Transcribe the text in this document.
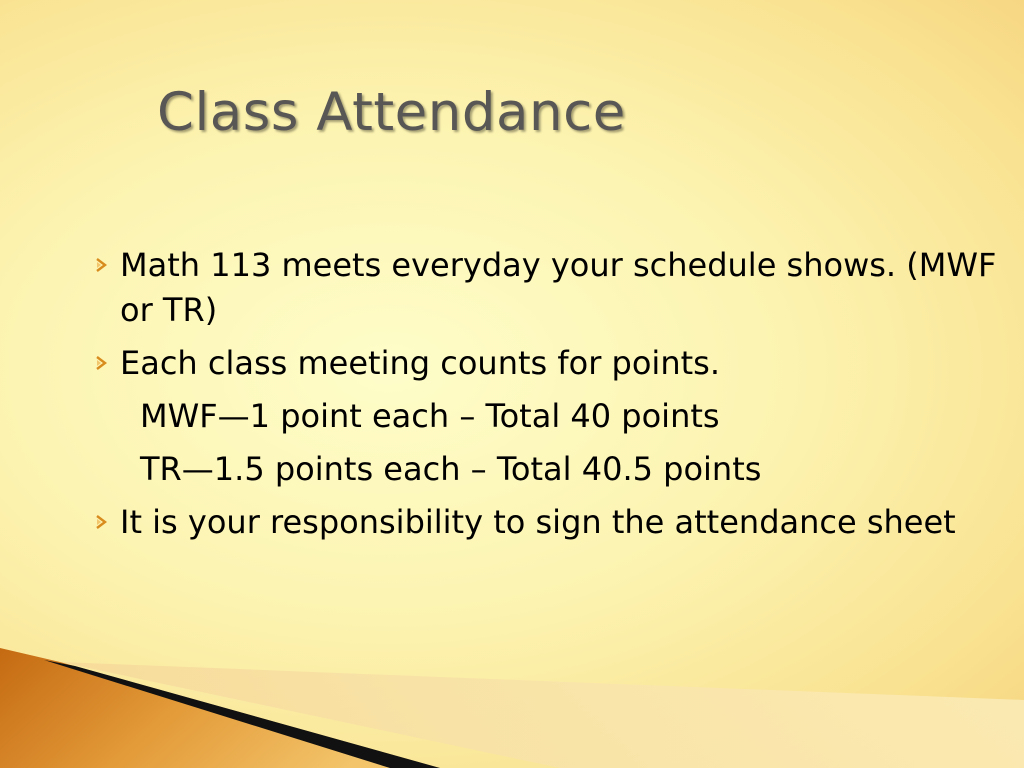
Class Attendance
Math 113 meets everyday your schedule shows. (MWF or TR)
Each class meeting counts for points.
MWF—1 point each – Total 40 points
TR—1.5 points each – Total 40.5 points
It is your responsibility to sign the attendance sheet
